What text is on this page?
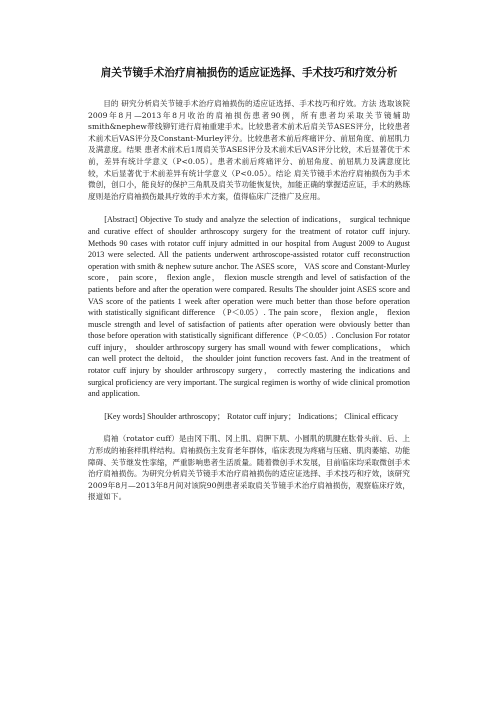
肩关节镜手术治疗肩袖损伤的适应证选择、手术技巧和疗效分析

目的 研究分析肩关节镜手术治疗肩袖损伤的适应证选择、手术技巧和疗效。方法 选取该院2009年8月—2013年8月收治的肩袖损伤患者90例，所有患者均采取关节镜辅助smith&nephew带线铆钉进行肩袖重建手术。比较患者术前术后肩关节ASES评分，比较患者术前术后VAS评分及Constant-Murley评分。比较患者术前后疼痛评分、前屈角度、前屈肌力及满意度。结果 患者术前术后1周肩关节ASES评分及术前术后VAS评分比较，术后显著优于术前，差异有统计学意义（P<0.05）。患者术前后疼痛评分、前屈角度、前屈肌力及满意度比较，术后显著优于术前差异有统计学意义（P<0.05）。结论 肩关节镜手术治疗肩袖损伤为手术微创，创口小，能良好的保护三角肌及肩关节功能恢复快，加能正确的掌握适应证，手术的熟练度则是治疗肩袖损伤最具疗效的手术方案，值得临床广泛推广及应用。

[Abstract] Objective To study and analyze the selection of indications， surgical technique and curative effect of shoulder arthroscopy surgery for the treatment of rotator cuff injury. Methods 90 cases with rotator cuff injury admitted in our hospital from August 2009 to August 2013 were selected. All the patients underwent arthroscope-assisted rotator cuff reconstruction operation with smith & nephew suture anchor. The ASES score， VAS score and Constant-Murley score， pain score， flexion angle， flexion muscle strength and level of satisfaction of the patients before and after the operation were compared. Results The shoulder joint ASES score and VAS score of the patients 1 week after operation were much better than those before operation with statistically significant difference （P＜0.05）. The pain score， flexion angle， flexion muscle strength and level of satisfaction of patients after operation were obviously better than those before operation with statistically significant difference（P＜0.05）. Conclusion For rotator cuff injury， shoulder arthroscopy surgery has small wound with fewer complications， which can well protect the deltoid， the shoulder joint function recovers fast. And in the treatment of rotator cuff injury by shoulder arthroscopy surgery， correctly mastering the indications and surgical proficiency are very important. The surgical regimen is worthy of wide clinical promotion and application.

[Key words] Shoulder arthroscopy； Rotator cuff injury； Indications； Clinical efficacy

肩袖（rotator cuff）是由冈下肌、冈上肌、肩胛下肌、小圆肌的肌腱在肱骨头前、后、上方形成的袖套样肌样结构。肩袖损伤主发育老年群体，临床表现为疼痛与压痛、肌肉萎缩、功能障碍、关节继发性挛缩，严重影响患者生活质量。随着微创手术发展，目前临床均采取微创手术治疗肩袖损伤。为研究分析肩关节镜手术治疗肩袖损伤的适应证选择、手术技巧和疗效，该研究2009年8月—2013年8月间对该院90例患者采取肩关节镜手术治疗肩袖损伤，观察临床疗效，报道如下。
